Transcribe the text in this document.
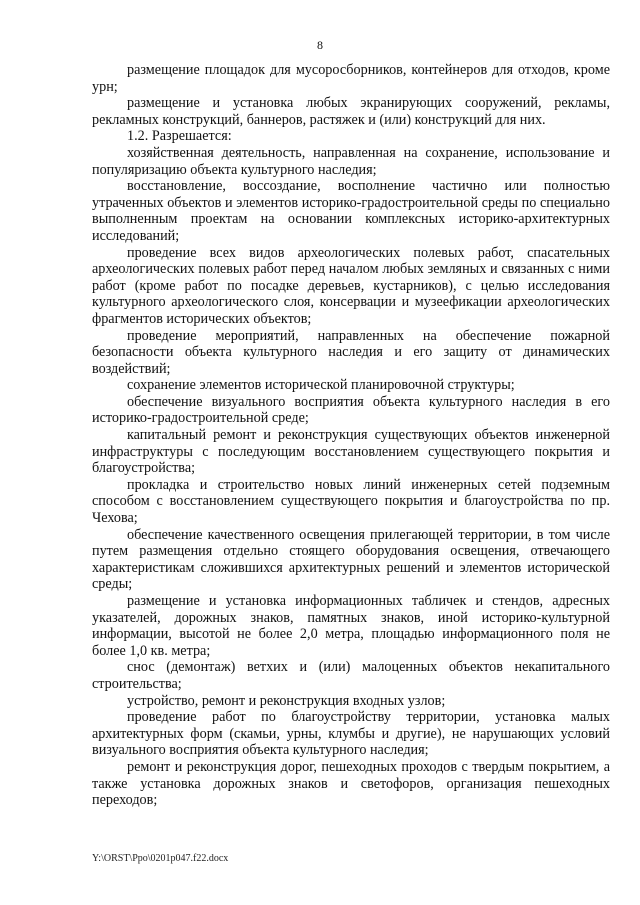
8

размещение площадок для мусоросборников, контейнеров для отходов, кроме урн;

размещение и установка любых экранирующих сооружений, рекламы, рекламных конструкций, баннеров, растяжек и (или) конструкций для них.

1.2. Разрешается:

хозяйственная деятельность, направленная на сохранение, использование и популяризацию объекта культурного наследия;

восстановление, воссоздание, восполнение частично или полностью утраченных объектов и элементов историко-градостроительной среды по специально выполненным проектам на основании комплексных историко-архитектурных исследований;

проведение всех видов археологических полевых работ, спасательных археологических полевых работ перед началом любых земляных и связанных с ними работ (кроме работ по посадке деревьев, кустарников), с целью исследования культурного археологического слоя, консервации и музеефикации археологических фрагментов исторических объектов;

проведение мероприятий, направленных на обеспечение пожарной безопасности объекта культурного наследия и его защиту от динамических воздействий;

сохранение элементов исторической планировочной структуры;

обеспечение визуального восприятия объекта культурного наследия в его историко-градостроительной среде;

капитальный ремонт и реконструкция существующих объектов инженерной инфраструктуры с последующим восстановлением существующего покрытия и благоустройства;

прокладка и строительство новых линий инженерных сетей подземным способом с восстановлением существующего покрытия и благоустройства по пр. Чехова;

обеспечение качественного освещения прилегающей территории, в том числе путем размещения отдельно стоящего оборудования освещения, отвечающего характеристикам сложившихся архитектурных решений и элементов исторической среды;

размещение и установка информационных табличек и стендов, адресных указателей, дорожных знаков, памятных знаков, иной историко-культурной информации, высотой не более 2,0 метра, площадью информационного поля не более 1,0 кв. метра;

снос (демонтаж) ветхих и (или) малоценных объектов некапитального строительства;

устройство, ремонт и реконструкция входных узлов;

проведение работ по благоустройству территории, установка малых архитектурных форм (скамьи, урны, клумбы и другие), не нарушающих условий визуального восприятия объекта культурного наследия;

ремонт и реконструкция дорог, пешеходных проходов с твердым покрытием, а также установка дорожных знаков и светофоров, организация пешеходных переходов;

Y:\ORST\Ppo\0201p047.f22.docx
